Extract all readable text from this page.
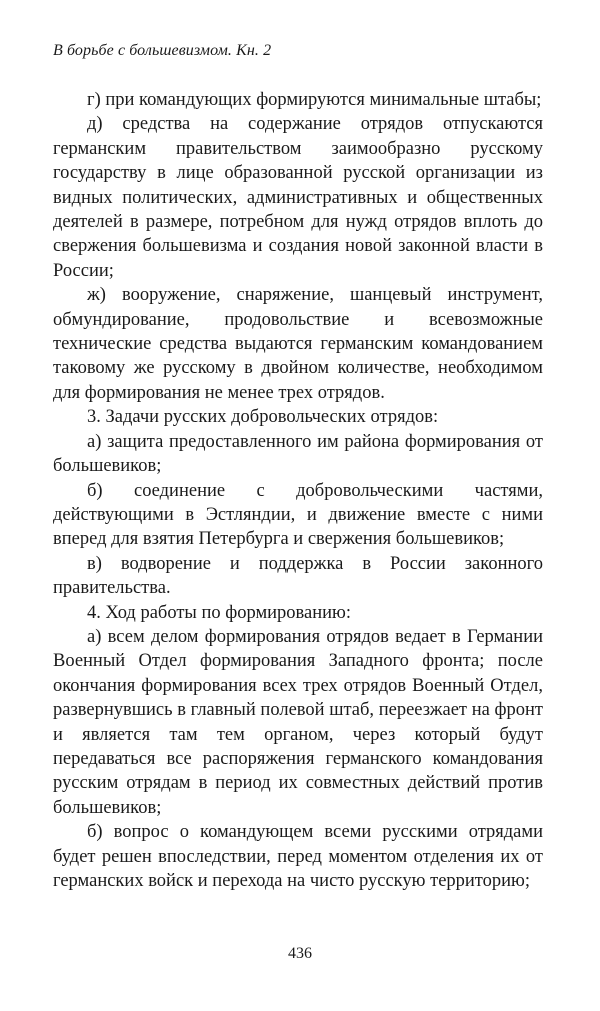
В борьбе с большевизмом. Кн. 2

г) при командующих формируются минимальные штабы;

д) средства на содержание отрядов отпускаются германским правительством заимообразно русскому государству в лице образованной русской организации из видных политических, административных и общественных деятелей в размере, потребном для нужд отрядов вплоть до свержения большевизма и создания новой законной власти в России;

ж) вооружение, снаряжение, шанцевый инструмент, обмундирование, продовольствие и всевозможные технические средства выдаются германским командованием таковому же русскому в двойном количестве, необходимом для формирования не менее трех отрядов.

3. Задачи русских добровольческих отрядов:

а) защита предоставленного им района формирования от большевиков;

б) соединение с добровольческими частями, действующими в Эстляндии, и движение вместе с ними вперед для взятия Петербурга и свержения большевиков;

в) водворение и поддержка в России законного правительства.

4. Ход работы по формированию:

а) всем делом формирования отрядов ведает в Германии Военный Отдел формирования Западного фронта; после окончания формирования всех трех отрядов Военный Отдел, развернувшись в главный полевой штаб, переезжает на фронт и является там тем органом, через который будут передаваться все распоряжения германского командования русским отрядам в период их совместных действий против большевиков;

б) вопрос о командующем всеми русскими отрядами будет решен впоследствии, перед моментом отделения их от германских войск и перехода на чисто русскую территорию;

436
